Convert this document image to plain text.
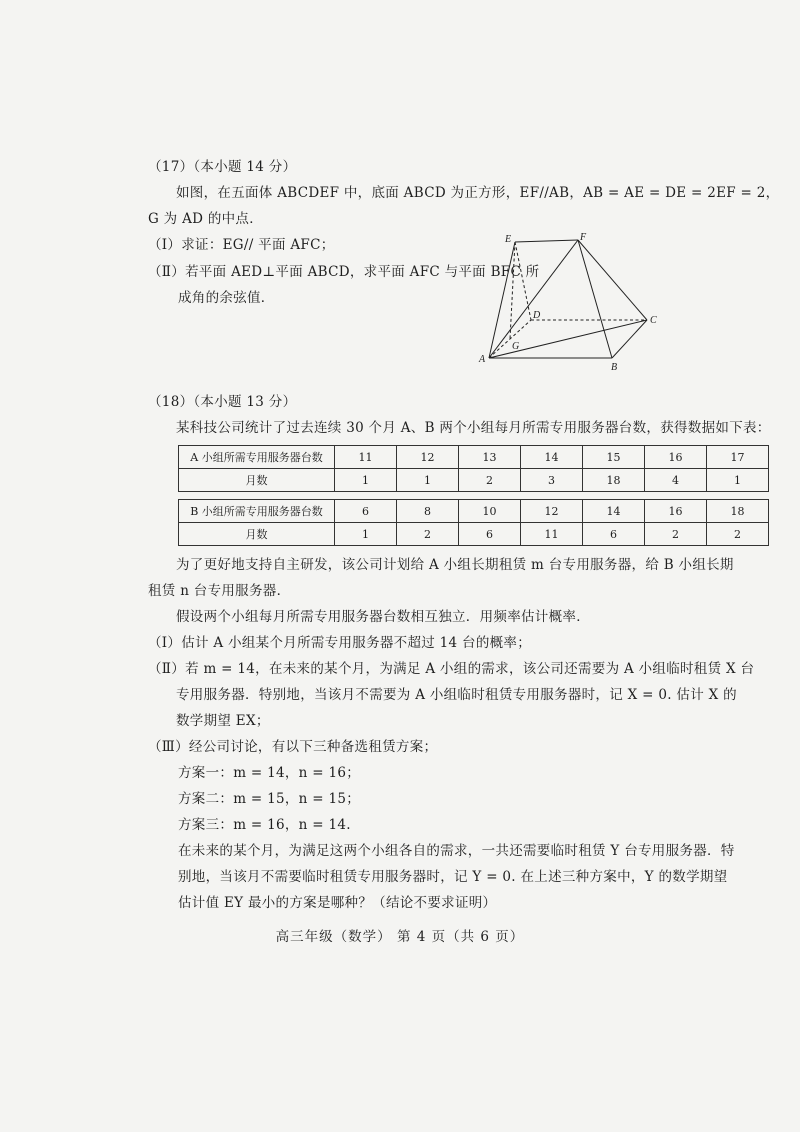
（17）（本小题 14 分）
如图，在五面体 ABCDEF 中，底面 ABCD 为正方形，EF//AB，AB = AE = DE = 2EF = 2，
G 为 AD 的中点．
（Ⅰ）求证：EG// 平面 AFC；
（Ⅱ）若平面 AED⊥平面 ABCD，求平面 AFC 与平面 BFC 所
成角的余弦值．
E	F
D	C
G
A
B
（18）（本小题 13 分）
某科技公司统计了过去连续 30 个月 A、B 两个小组每月所需专用服务器台数，获得数据如下表：
A 小组所需专用服务器台数	11	12	13	14	15	16	17
月数	1	1	2	3	18	4	1
B 小组所需专用服务器台数	6	8	10	12	14	16	18
月数	1	2	6	11	6	2	2
为了更好地支持自主研发，该公司计划给 A 小组长期租赁 m 台专用服务器，给 B 小组长期
租赁 n 台专用服务器．
假设两个小组每月所需专用服务器台数相互独立．用频率估计概率．
（Ⅰ）估计 A 小组某个月所需专用服务器不超过 14 台的概率；
（Ⅱ）若 m = 14，在未来的某个月，为满足 A 小组的需求，该公司还需要为 A 小组临时租赁 X 台
专用服务器．特别地，当该月不需要为 A 小组临时租赁专用服务器时，记 X = 0. 估计 X 的
数学期望 EX；
（Ⅲ）经公司讨论，有以下三种备选租赁方案；
方案一：m = 14，n = 16；
方案二：m = 15，n = 15；
方案三：m = 16，n = 14.
在未来的某个月，为满足这两个小组各自的需求，一共还需要临时租赁 Y 台专用服务器．特
别地，当该月不需要临时租赁专用服务器时，记 Y = 0. 在上述三种方案中，Y 的数学期望
估计值 EY 最小的方案是哪种？（结论不要求证明）
高三年级（数学） 第 4 页（共 6 页）
